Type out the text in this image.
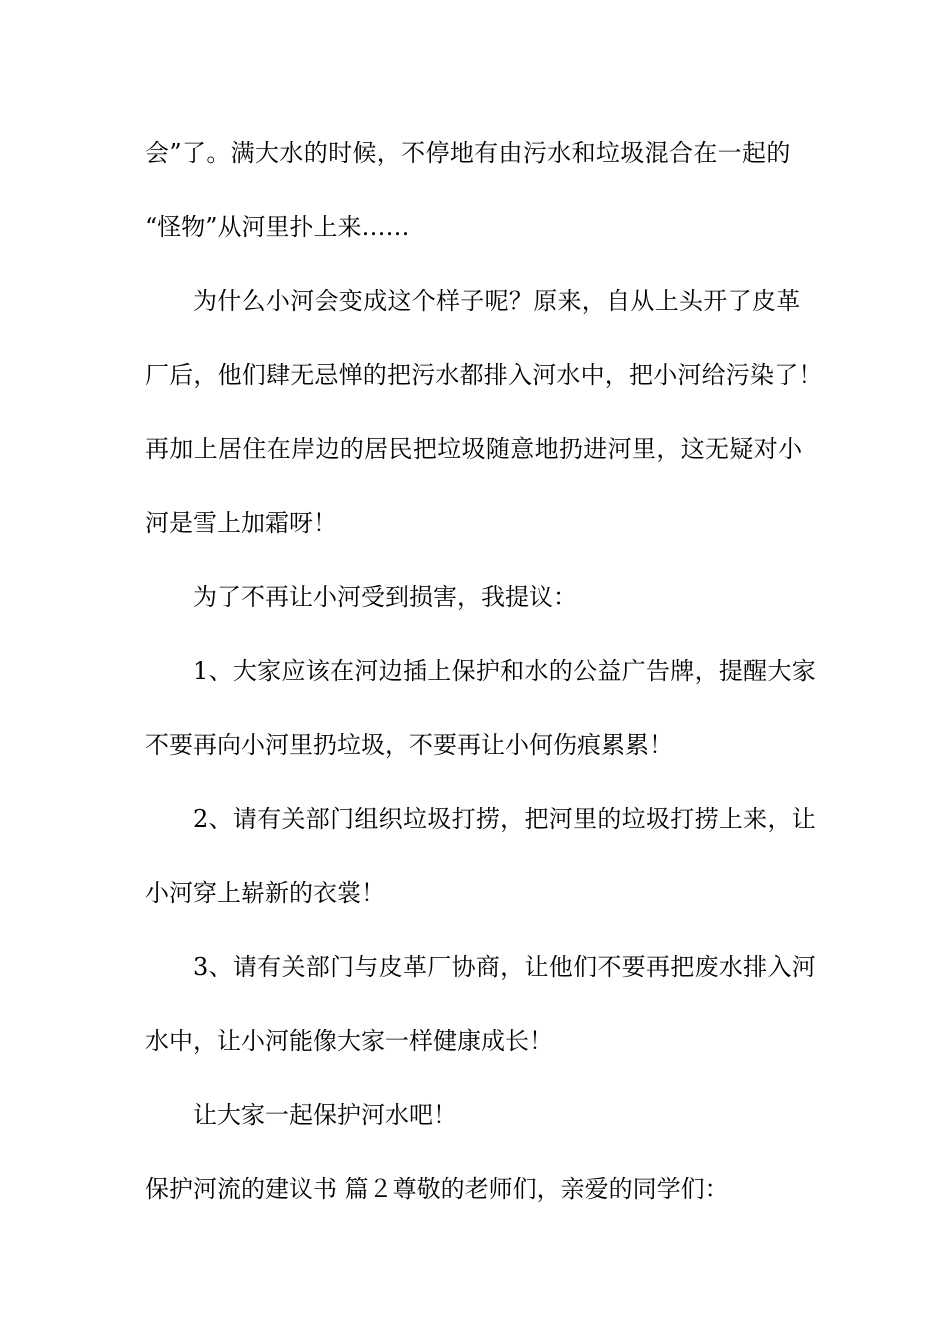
会”了。满大水的时候，不停地有由污水和垃圾混合在一起的
“怪物”从河里扑上来……
为什么小河会变成这个样子呢？原来，自从上头开了皮革
厂后，他们肆无忌惮的把污水都排入河水中，把小河给污染了！
再加上居住在岸边的居民把垃圾随意地扔进河里，这无疑对小
河是雪上加霜呀！
为了不再让小河受到损害，我提议：
1、大家应该在河边插上保护和水的公益广告牌，提醒大家
不要再向小河里扔垃圾，不要再让小何伤痕累累！
2、请有关部门组织垃圾打捞，把河里的垃圾打捞上来，让
小河穿上崭新的衣裳！
3、请有关部门与皮革厂协商，让他们不要再把废水排入河
水中，让小河能像大家一样健康成长！
让大家一起保护河水吧！
保护河流的建议书 篇２尊敬的老师们，亲爱的同学们：
